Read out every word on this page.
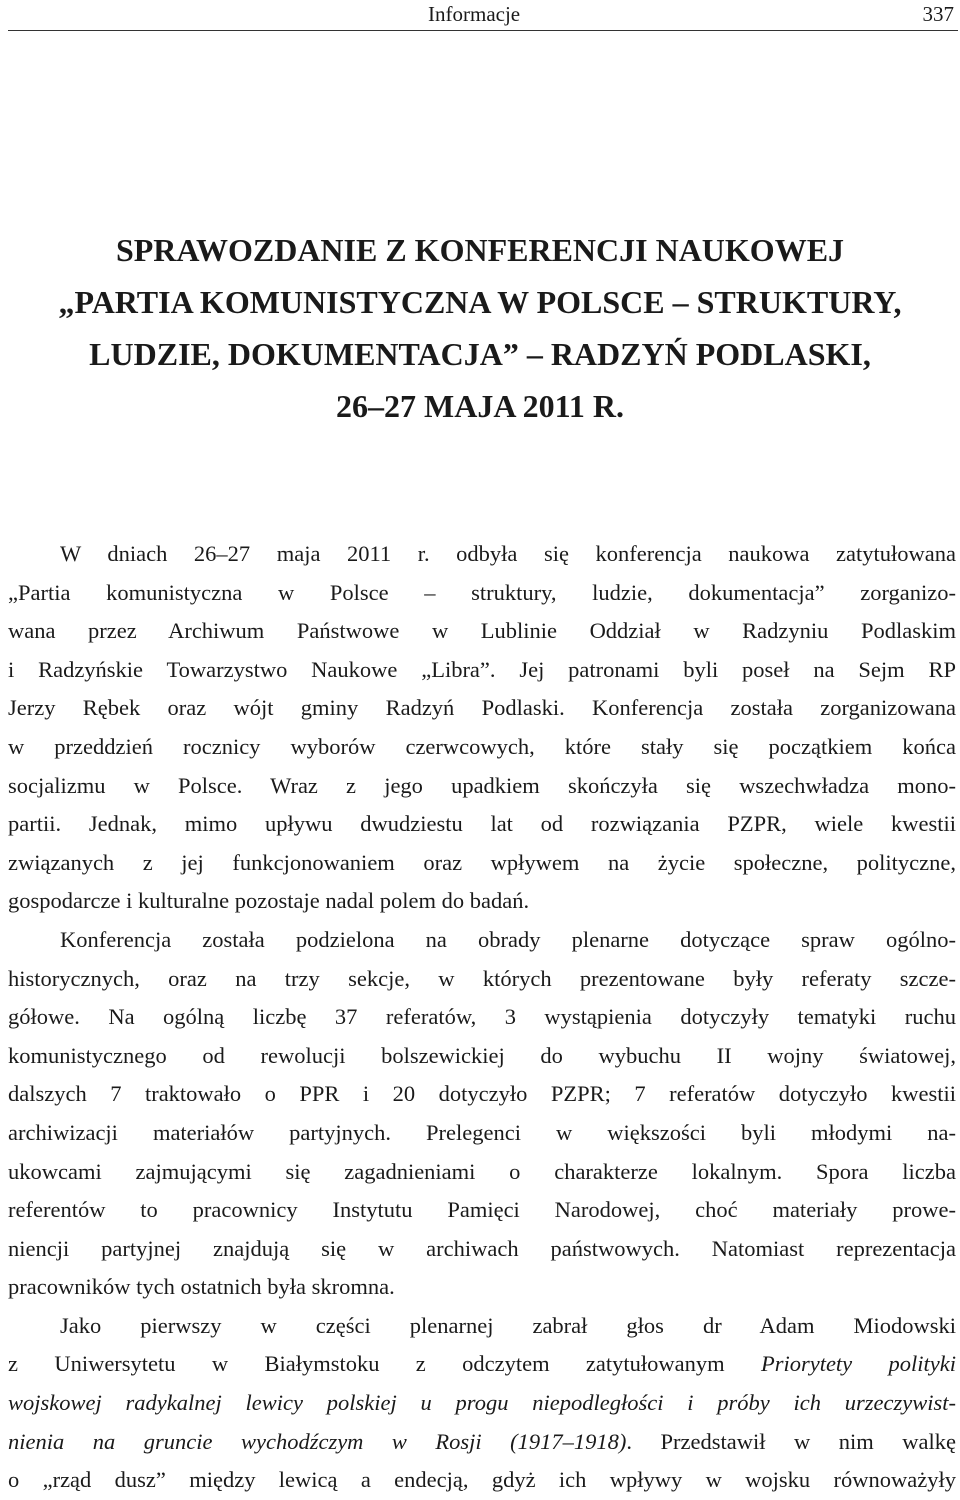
Informacje	337
SPRAWOZDANIE Z KONFERENCJI NAUKOWEJ
„PARTIA KOMUNISTYCZNA W POLSCE – STRUKTURY,
LUDZIE, DOKUMENTACJA” – RADZYŃ PODLASKI,
26–27 MAJA 2011 R.
W dniach 26–27 maja 2011 r. odbyła się konferencja naukowa zatytułowana
„Partia komunistyczna w Polsce – struktury, ludzie, dokumentacja” zorganizo-
wana przez Archiwum Państwowe w Lublinie Oddział w Radzyniu Podlaskim
i Radzyńskie Towarzystwo Naukowe „Libra”. Jej patronami byli poseł na Sejm RP
Jerzy Rębek oraz wójt gminy Radzyń Podlaski. Konferencja została zorganizowana
w przeddzień rocznicy wyborów czerwcowych, które stały się początkiem końca
socjalizmu w Polsce. Wraz z jego upadkiem skończyła się wszechwładza mono-
partii. Jednak, mimo upływu dwudziestu lat od rozwiązania PZPR, wiele kwestii
związanych z jej funkcjonowaniem oraz wpływem na życie społeczne, polityczne,
gospodarcze i kulturalne pozostaje nadal polem do badań.
Konferencja została podzielona na obrady plenarne dotyczące spraw ogólno-
historycznych, oraz na trzy sekcje, w których prezentowane były referaty szcze-
gółowe. Na ogólną liczbę 37 referatów, 3 wystąpienia dotyczyły tematyki ruchu
komunistycznego od rewolucji bolszewickiej do wybuchu II wojny światowej,
dalszych 7 traktowało o PPR i 20 dotyczyło PZPR; 7 referatów dotyczyło kwestii
archiwizacji materiałów partyjnych. Prelegenci w większości byli młodymi na-
ukowcami zajmującymi się zagadnieniami o charakterze lokalnym. Spora liczba
referentów to pracownicy Instytutu Pamięci Narodowej, choć materiały prowe-
niencji partyjnej znajdują się w archiwach państwowych. Natomiast reprezentacja
pracowników tych ostatnich była skromna.
Jako pierwszy w części plenarnej zabrał głos dr Adam Miodowski
z Uniwersytetu w Białymstoku z odczytem zatytułowanym Priorytety polityki
wojskowej radykalnej lewicy polskiej u progu niepodległości i próby ich urzeczywist-
nienia na gruncie wychodźczym w Rosji (1917–1918). Przedstawił w nim walkę
o „rząd dusz” między lewicą a endecją, gdyż ich wpływy w wojsku równoważyły
